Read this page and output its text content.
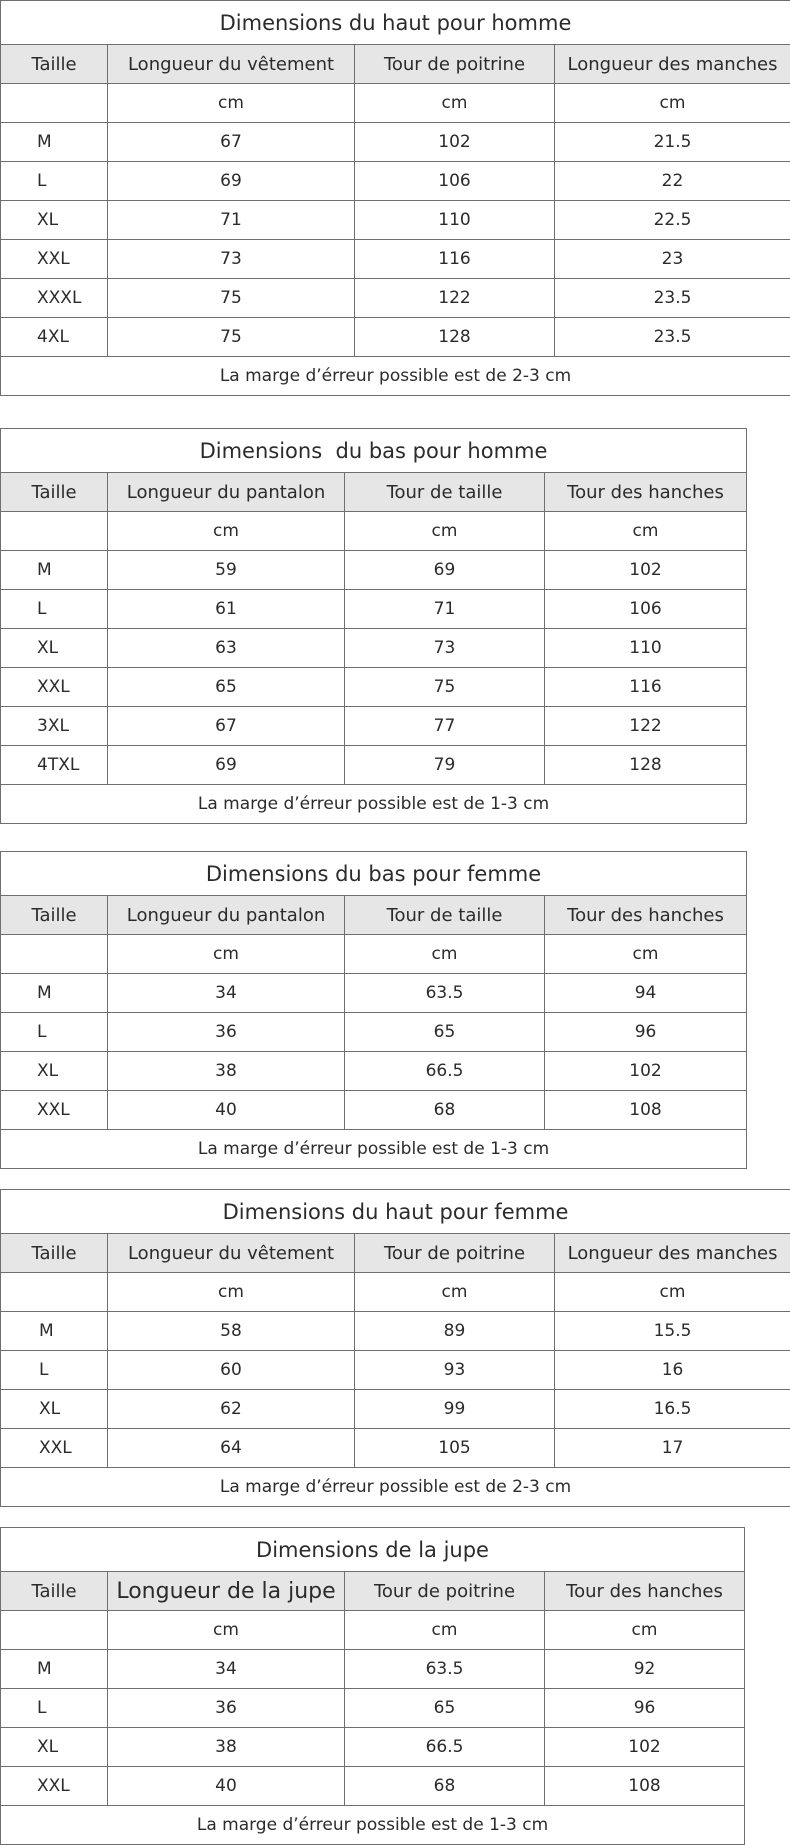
Dimensions du haut pour homme			
Taille	Longueur du vêtement	Tour de poitrine	Longueur des manches
	cm	cm	cm
M	67	102	21.5
L	69	106	22
XL	71	110	22.5
XXL	73	116	23
XXXL	75	122	23.5
4XL	75	128	23.5
La marge d’érreur possible est de 2-3 cm			
Dimensions  du bas pour homme			
Taille	Longueur du pantalon	Tour de taille	Tour des hanches
	cm	cm	cm
M	59	69	102
L	61	71	106
XL	63	73	110
XXL	65	75	116
3XL	67	77	122
4TXL	69	79	128
La marge d’érreur possible est de 1-3 cm			
Dimensions du bas pour femme			
Taille	Longueur du pantalon	Tour de taille	Tour des hanches
	cm	cm	cm
M	34	63.5	94
L	36	65	96
XL	38	66.5	102
XXL	40	68	108
La marge d’érreur possible est de 1-3 cm			
Dimensions du haut pour femme			
Taille	Longueur du vêtement	Tour de poitrine	Longueur des manches
	cm	cm	cm
M	58	89	15.5
L	60	93	16
XL	62	99	16.5
XXL	64	105	17
La marge d’érreur possible est de 2-3 cm			
Dimensions de la jupe			
Taille	Longueur de la jupe	Tour de poitrine	Tour des hanches
	cm	cm	cm
M	34	63.5	92
L	36	65	96
XL	38	66.5	102
XXL	40	68	108
La marge d’érreur possible est de 1-3 cm			
